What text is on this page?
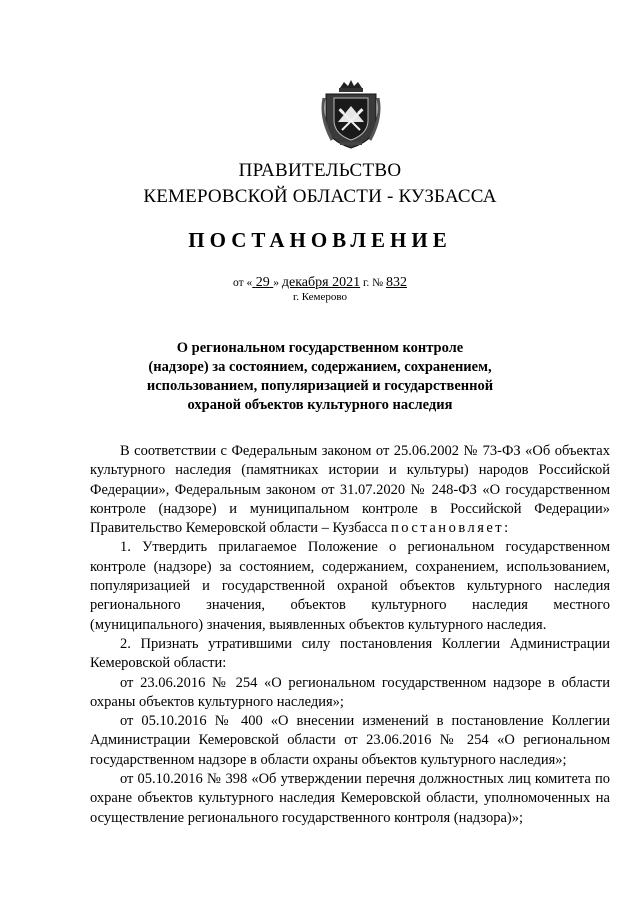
ПРАВИТЕЛЬСТВО
КЕМЕРОВСКОЙ ОБЛАСТИ - КУЗБАССА
ПОСТАНОВЛЕНИЕ
от « 29 » декабря 2021 г. № 832
г. Кемерово
О региональном государственном контроле
(надзоре) за состоянием, содержанием, сохранением,
использованием, популяризацией и государственной
охраной объектов культурного наследия

В соответствии с Федеральным законом от 25.06.2002 № 73-ФЗ «Об объектах культурного наследия (памятниках истории и культуры) народов Российской Федерации», Федеральным законом от 31.07.2020 № 248-ФЗ «О государственном контроле (надзоре) и муниципальном контроле в Российской Федерации» Правительство Кемеровской области – Кузбасса постановляет:

1. Утвердить прилагаемое Положение о региональном государственном контроле (надзоре) за состоянием, содержанием, сохранением, использованием, популяризацией и государственной охраной объектов культурного наследия регионального значения, объектов культурного наследия местного (муниципального) значения, выявленных объектов культурного наследия.

2. Признать утратившими силу постановления Коллегии Администрации Кемеровской области:

от 23.06.2016 № 254 «О региональном государственном надзоре в области охраны объектов культурного наследия»;

от 05.10.2016 № 400 «О внесении изменений в постановление Коллегии Администрации Кемеровской области от 23.06.2016 № 254 «О региональном государственном надзоре в области охраны объектов культурного наследия»;

от 05.10.2016 № 398 «Об утверждении перечня должностных лиц комитета по охране объектов культурного наследия Кемеровской области, уполномоченных на осуществление регионального государственного контроля (надзора)»;
